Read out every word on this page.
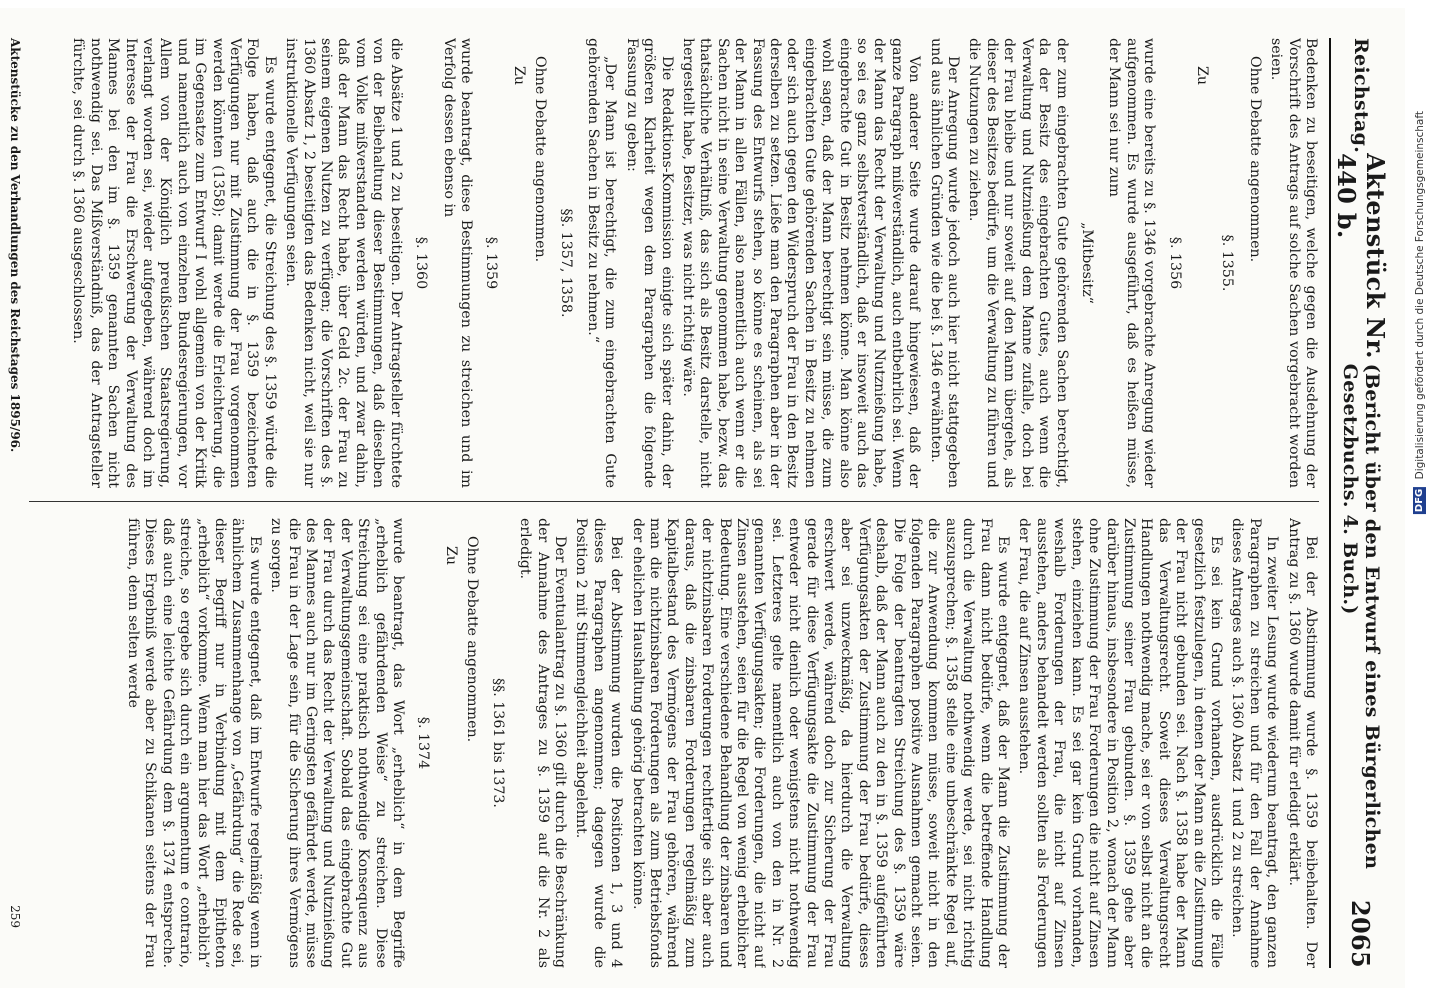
Reichstag.
Aktenstück Nr. 440 b.
(Bericht über den Entwurf eines Bürgerlichen Gesetzbuchs. 4. Buch.)
2065
Bedenken zu beseitigen, welche gegen die Ausdehnung der Vorschrift des Antrags auf solche Sachen vorgebracht worden seien.
Ohne Debatte angenommen.
§. 1355.
Zu
§. 1356
wurde eine bereits zu §. 1346 vorgebrachte Anregung wieder aufgenommen. Es wurde ausgeführt, daß es heißen müsse, der Mann sei nur zum
„Mitbesitz“
der zum eingebrachten Gute gehörenden Sachen berechtigt, da der Besitz des eingebrachten Gutes, auch wenn die Verwaltung und Nutznießung dem Manne zufalle, doch bei der Frau bleibe und nur soweit auf den Mann übergehe, als dieser des Besitzes bedürfe, um die Verwaltung zu führen und die Nutzungen zu ziehen.
Der Anregung wurde jedoch auch hier nicht stattgegeben und aus ähnlichen Gründen wie die bei §. 1346 erwähnten.
Von anderer Seite wurde darauf hingewiesen, daß der ganze Paragraph mißverständlich, auch entbehrlich sei. Wenn der Mann das Recht der Verwaltung und Nutznießung habe, so sei es ganz selbstverständlich, daß er insoweit auch das eingebrachte Gut in Besitz nehmen könne. Man könne also wohl sagen, daß der Mann berechtigt sein müsse, die zum eingebrachten Gute gehörenden Sachen in Besitz zu nehmen oder sich auch gegen den Widerspruch der Frau in den Besitz derselben zu setzen. Ließe man den Paragraphen aber in der Fassung des Entwurfs stehen, so könne es scheinen, als sei der Mann in allen Fällen, also namentlich auch wenn er die Sachen nicht in seine Verwaltung genommen habe, bezw. das thatsächliche Verhältniß, das sich als Besitz darstelle, nicht hergestellt habe, Besitzer, was nicht richtig wäre.
Die Redaktions-Kommission einigte sich später dahin, der größeren Klarheit wegen dem Paragraphen die folgende Fassung zu geben:
„Der Mann ist berechtigt, die zum eingebrachten Gute gehörenden Sachen in Besitz zu nehmen.“
§§. 1357, 1358.
Ohne Debatte angenommen.
Zu
§. 1359
wurde beantragt, diese Bestimmungen zu streichen und im Verfolg dessen ebenso in
§. 1360
die Absätze 1 und 2 zu beseitigen. Der Antragsteller fürchtete von der Beibehaltung dieser Bestimmungen, daß dieselben vom Volke mißverstanden werden würden, und zwar dahin, daß der Mann das Recht habe, über Geld 2c. der Frau zu seinem eigenen Nutzen zu verfügen; die Vorschriften des §. 1360 Absatz 1, 2 beseitigten das Bedenken nicht, weil sie nur instruktionelle Verfügungen seien.
Es wurde entgegnet, die Streichung des §. 1359 würde die Folge haben, daß auch die in §. 1359 bezeichneten Verfügungen nur mit Zustimmung der Frau vorgenommen werden könnten (1358); damit werde die Erleichterung, die im Gegensatze zum Entwurf I wohl allgemein von der Kritik und namentlich auch von einzelnen Bundesregierungen, vor Allem von der Königlich preußischen Staatsregierung, verlangt worden sei, wieder aufgegeben, während doch im Interesse der Frau die Erschwerung der Verwaltung des Mannes bei den im §. 1359 genannten Sachen nicht nothwendig sei. Das Mißverständniß, das der Antragsteller fürchte, sei durch §. 1360 ausgeschlossen.
Bei der Abstimmung wurde §. 1359 beibehalten. Der Antrag zu §. 1360 wurde damit für erledigt erklärt.
In zweiter Lesung wurde wiederum beantragt, den ganzen Paragraphen zu streichen und für den Fall der Annahme dieses Antrages auch §. 1360 Absatz 1 und 2 zu streichen.
Es sei kein Grund vorhanden, ausdrücklich die Fälle gesetzlich festzulegen, in denen der Mann an die Zustimmung der Frau nicht gebunden sei. Nach §. 1358 habe der Mann das Verwaltungsrecht. Soweit dieses Verwaltungsrecht Handlungen nothwendig mache, sei er von selbst nicht an die Zustimmung seiner Frau gebunden. §. 1359 gehe aber darüber hinaus, insbesondere in Position 2, wonach der Mann ohne Zustimmung der Frau Forderungen die nicht auf Zinsen stehen, einziehen kann. Es sei gar kein Grund vorhanden, weshalb Forderungen der Frau, die nicht auf Zinsen ausstehen, anders behandelt werden sollten als Forderungen der Frau, die auf Zinsen ausstehen.
Es wurde entgegnet, daß der Mann die Zustimmung der Frau dann nicht bedürfe, wenn die betreffende Handlung durch die Verwaltung nothwendig werde, sei nicht richtig auszusprechen; §. 1358 stelle eine unbeschränkte Regel auf, die zur Anwendung kommen müsse, soweit nicht in den folgenden Paragraphen positive Ausnahmen gemacht seien. Die Folge der beantragten Streichung des §. 1359 wäre deshalb, daß der Mann auch zu den in §. 1359 aufgeführten Verfügungsakten der Zustimmung der Frau bedürfe, dieses aber sei unzweckmäßig, da hierdurch die Verwaltung erschwert werde, während doch zur Sicherung der Frau gerade für diese Verfügungsakte die Zustimmung der Frau entweder nicht dienlich oder wenigstens nicht nothwendig sei. Letzteres gelte namentlich auch von den in Nr. 2 genannten Verfügungsakten; die Forderungen, die nicht auf Zinsen ausstehen, seien für die Regel von wenig erheblicher Bedeutung. Eine verschiedene Behandlung der zinsbaren und der nichtzinsbaren Forderungen rechtfertige sich aber auch daraus, daß die zinsbaren Forderungen regelmäßig zum Kapitalbestand des Vermögens der Frau gehören, während man die nichtzinsbaren Forderungen als zum Betriebsfonds der ehelichen Haushaltung gehörig betrachten könne.
Bei der Abstimmung wurden die Positionen 1, 3 und 4 dieses Paragraphen angenommen; dagegen wurde die Position 2 mit Stimmengleichheit abgelehnt.
Der Eventualantrag zu §. 1360 gilt durch die Beschränkung der Annahme des Antrages zu §. 1359 auf die Nr. 2 als erledigt.
§§. 1361 bis 1373.
Ohne Debatte angenommen.
Zu
§. 1374
wurde beantragt, das Wort „erheblich“ in dem Begriffe „erheblich gefährdenden Weise“ zu streichen. Diese Streichung sei eine praktisch nothwendige Konsequenz aus der Verwaltungsgemeinschaft. Sobald das eingebrachte Gut der Frau durch das Recht der Verwaltung und Nutznießung des Mannes auch nur im Geringsten gefährdet werde, müsse die Frau in der Lage sein, für die Sicherung ihres Vermögens zu sorgen.
Es wurde entgegnet, daß im Entwurfe regelmäßig wenn in ähnlichem Zusammenhange von „Gefährdung“ die Rede sei, dieser Begriff nur in Verbindung mit dem Epitheton „erheblich“ vorkomme. Wenn man hier das Wort „erheblich“ streiche, so ergebe sich durch ein argumentum e contrario, daß auch eine leichte Gefährdung dem §. 1374 entspreche. Dieses Ergebniß werde aber zu Schikanen seitens der Frau führen, denn selten werde
Aktenstücke zu den Verhandlungen des Reichstages 1895/96.
259
DFG Digitalisierung gefördert durch die Deutsche Forschungsgemeinschaft
